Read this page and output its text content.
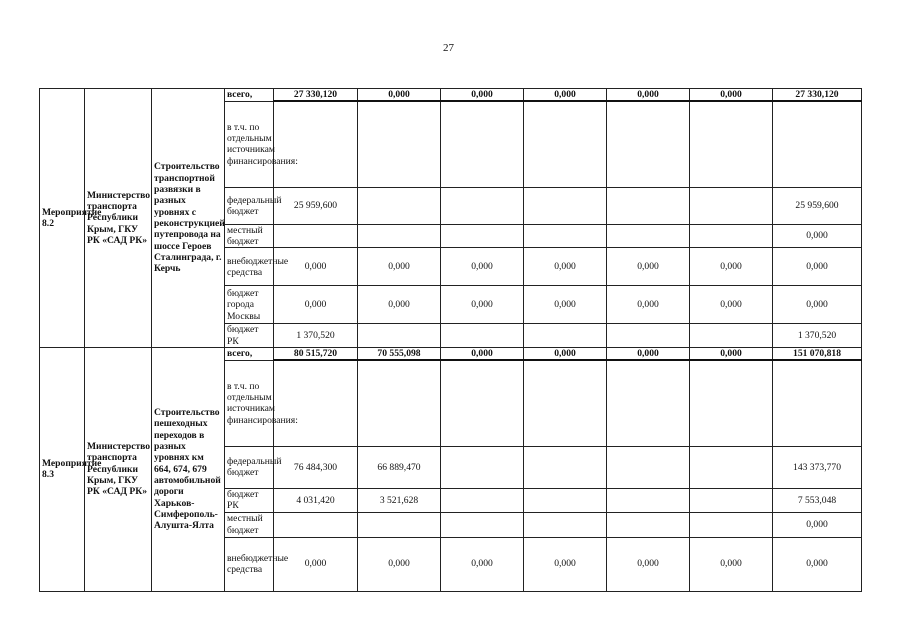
27
Мероприятие 8.2	Министерство транспорта Республики Крым, ГКУ РК «САД РК»	Строительство транспортной развязки в разных уровнях с реконструкцией путепровода на шоссе Героев Сталинграда, г. Керчь	всего,	27 330,120	0,000	0,000	0,000	0,000	0,000	27 330,120
			в т.ч. по отдельным источникам финансирования:							
			федеральный бюджет	25 959,600						25 959,600
			местный бюджет							0,000
			внебюджетные средства	0,000	0,000	0,000	0,000	0,000	0,000	0,000
			бюджет города Москвы	0,000	0,000	0,000	0,000	0,000	0,000	0,000
			бюджет РК	1 370,520						1 370,520
Мероприятие 8.3	Министерство транспорта Республики Крым, ГКУ РК «САД РК»	Строительство пешеходных переходов в разных уровнях км 664, 674, 679 автомобильной дороги Харьков-Симферополь-Алушта-Ялта	всего,	80 515,720	70 555,098	0,000	0,000	0,000	0,000	151 070,818
			в т.ч. по отдельным источникам финансирования:							
			федеральный бюджет	76 484,300	66 889,470					143 373,770
			бюджет РК	4 031,420	3 521,628					7 553,048
			местный бюджет							0,000
			внебюджетные средства	0,000	0,000	0,000	0,000	0,000	0,000	0,000
